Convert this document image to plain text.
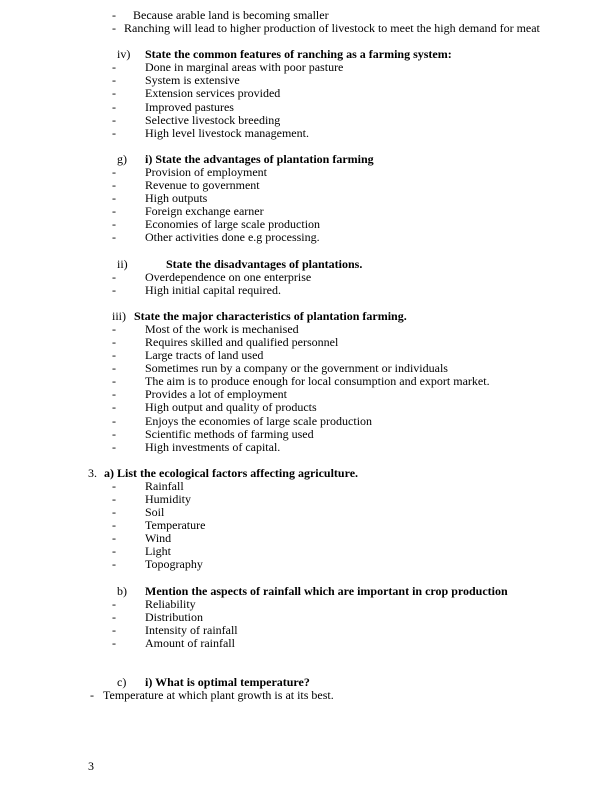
-	Because arable land is becoming smaller
- Ranching will lead to higher production of livestock to meet the high demand for meat
iv)	State the common features of ranching as a farming system:
-	Done in marginal areas with poor pasture
-	System is extensive
-	Extension services provided
-	Improved pastures
-	Selective livestock breeding
-	High level livestock management.
g)	i) State the advantages of plantation farming
-	Provision of employment
-	Revenue to government
-	High outputs
-	Foreign exchange earner
-	Economies of large scale production
-	Other activities done e.g processing.
ii)	State the disadvantages of plantations.
-	Overdependence on one enterprise
-	High initial capital required.
iii) State the major characteristics of plantation farming.
-	Most of the work is mechanised
-	Requires skilled and qualified personnel
-	Large tracts of land used
-	Sometimes run by a company or the government or individuals
-	The aim is to produce enough for local consumption and export market.
-	Provides a lot of employment
-	High output and quality of products
-	Enjoys the economies of large scale production
-	Scientific methods of farming used
-	High investments of capital.
3. a) List the ecological factors affecting agriculture.
-	Rainfall
-	Humidity
-	Soil
-	Temperature
-	Wind
-	Light
-	Topography
b)	Mention the aspects of rainfall which are important in crop production
-	Reliability
-	Distribution
-	Intensity of rainfall
-	Amount of rainfall
c)	i) What is optimal temperature?
- Temperature at which plant growth is at its best.
3
